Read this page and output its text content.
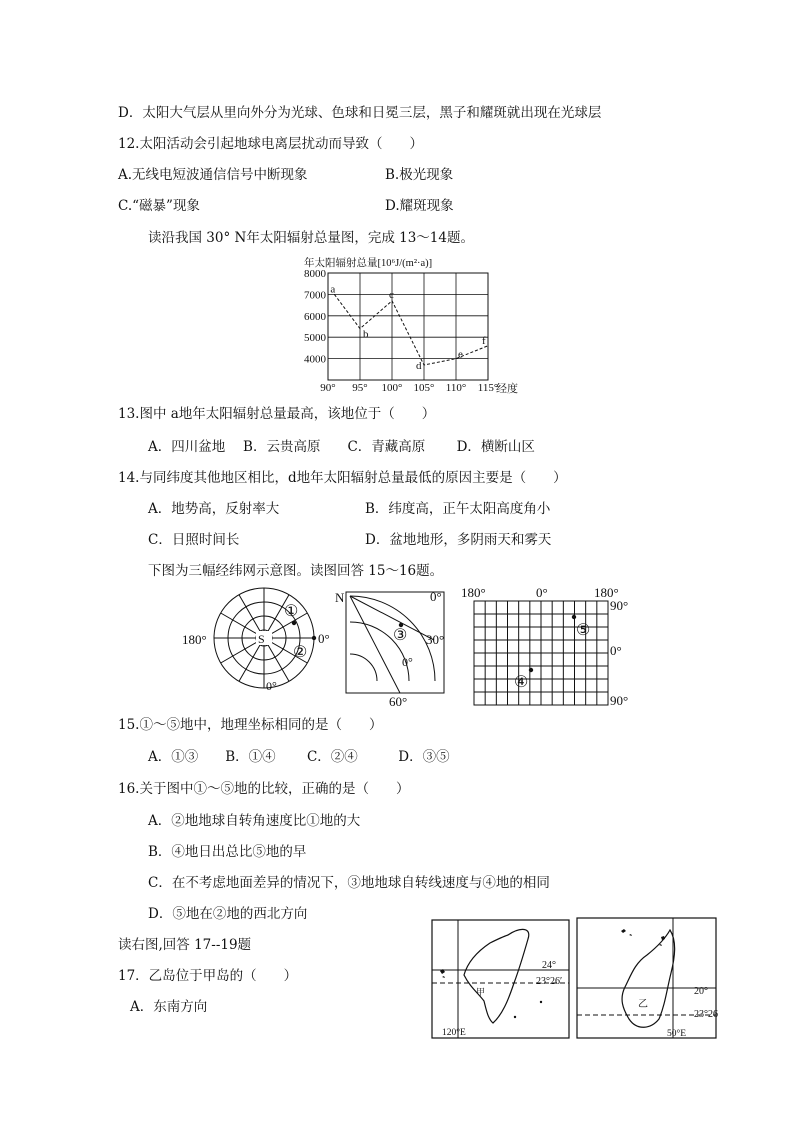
D．太阳大气层从里向外分为光球、色球和日冕三层，黑子和耀斑就出现在光球层
12.太阳活动会引起地球电离层扰动而导致（　　）
A.无线电短波通信信号中断现象	B.极光现象
C.“磁暴”现象	D.耀斑现象
读沿我国 30° N年太阳辐射总量图，完成 13～14题。
4000
5000
6000
7000
8000
90° 95° 100° 105° 110° 115°
a
b
c
d
e
f
年太阳辐射总量[10⁶J/(m²·a)]
经度
13.图中 a地年太阳辐射总量最高，该地位于（　　）
A．四川盆地　 B．云贵高原　　C．青藏高原　　 D．横断山区
14.与同纬度其他地区相比，d地年太阳辐射总量最低的原因主要是（　　）
A．地势高，反射率大	B．纬度高，正午太阳高度角小
C．日照时间长	D．盆地地形，多阴雨天和雾天
下图为三幅经纬网示意图。读图回答 15～16题。
S
①
②
180°	0°
0°
③
N	0°
30°
0°
60°
⑤
④
180°	0°	180°
90°
0°
90°
15.①～⑤地中，地理坐标相同的是（　　）
A．①③　　B．①④　　 C．②④　　　D．③⑤
16.关于图中①～⑤地的比较，正确的是（　　）
A．②地地球自转角速度比①地的大
B．④地日出总比⑤地的早
C．在不考虑地面差异的情况下，③地地球自转线速度与④地的相同
D．⑤地在②地的西北方向
读右图,回答 17--19题
17．乙岛位于甲岛的（　　）
A．东南方向
甲
24°
23°26′
120°E
乙
20°
23°26
50°E
